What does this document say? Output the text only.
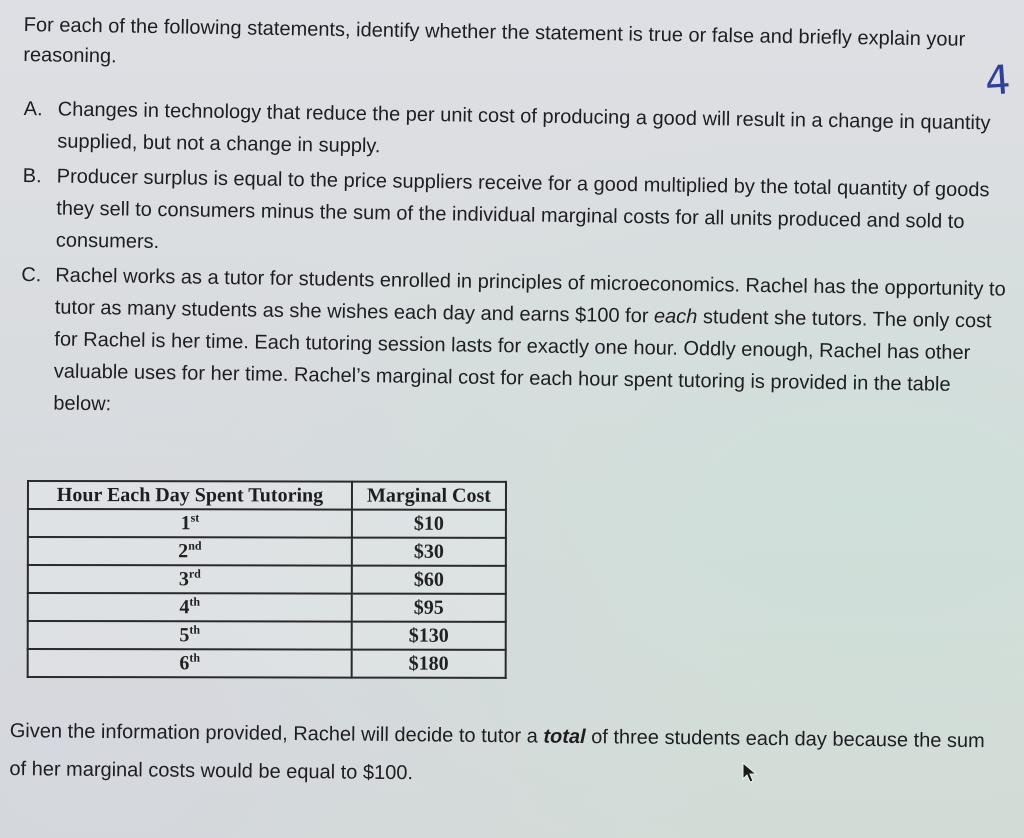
For each of the following statements, identify whether the statement is true or false and briefly explain your reasoning.
4
A. Changes in technology that reduce the per unit cost of producing a good will result in a change in quantity supplied, but not a change in supply.
B. Producer surplus is equal to the price suppliers receive for a good multiplied by the total quantity of goods they sell to consumers minus the sum of the individual marginal costs for all units produced and sold to consumers.
C. Rachel works as a tutor for students enrolled in principles of microeconomics. Rachel has the opportunity to tutor as many students as she wishes each day and earns $100 for each student she tutors. The only cost for Rachel is her time. Each tutoring session lasts for exactly one hour. Oddly enough, Rachel has other valuable uses for her time. Rachel’s marginal cost for each hour spent tutoring is provided in the table below:
Hour Each Day Spent Tutoring	Marginal Cost
1st	$10
2nd	$30
3rd	$60
4th	$95
5th	$130
6th	$180
Given the information provided, Rachel will decide to tutor a total of three students each day because the sum of her marginal costs would be equal to $100.
